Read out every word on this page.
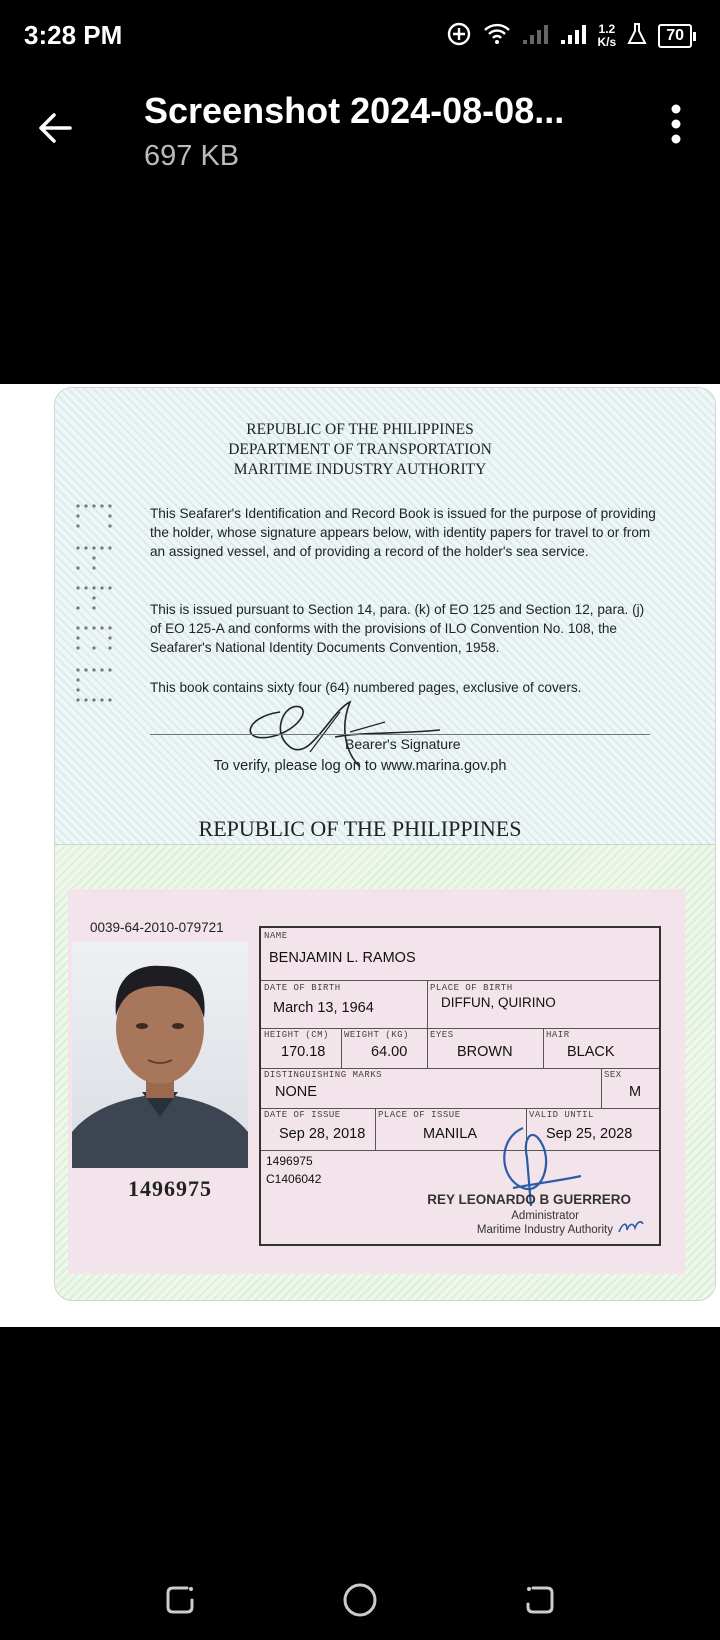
3:28 PM	1.2
K/s	70
Screenshot 2024-08-08...
697 KB
REPUBLIC OF THE PHILIPPINES
DEPARTMENT OF TRANSPORTATION
MARITIME INDUSTRY AUTHORITY
This Seafarer's Identification and Record Book is issued for the purpose of providing the holder, whose signature appears below, with identity papers for travel to or from an assigned vessel, and of providing a record of the holder's sea service.
This is issued pursuant to Section 14, para. (k) of EO 125 and Section 12, para. (j) of EO 125-A and conforms with the provisions of ILO Convention No. 108, the Seafarer's National Identity Documents Convention, 1958.
This book contains sixty four (64) numbered pages, exclusive of covers.
Bearer's Signature
To verify, please log on to www.marina.gov.ph
REPUBLIC OF THE PHILIPPINES
0039-64-2010-079721
1496975
NAME
BENJAMIN L. RAMOS
DATE OF BIRTH
March 13, 1964
PLACE OF BIRTH
DIFFUN, QUIRINO
HEIGHT (CM)
170.18
WEIGHT (KG)
64.00
EYES
BROWN
HAIR
BLACK
DISTINGUISHING MARKS
NONE
SEX
M
DATE OF ISSUE
Sep 28, 2018
PLACE OF ISSUE
MANILA
VALID UNTIL
Sep 25, 2028
1496975
C1406042
REY LEONARDO B GUERRERO
Administrator
Maritime Industry Authority
